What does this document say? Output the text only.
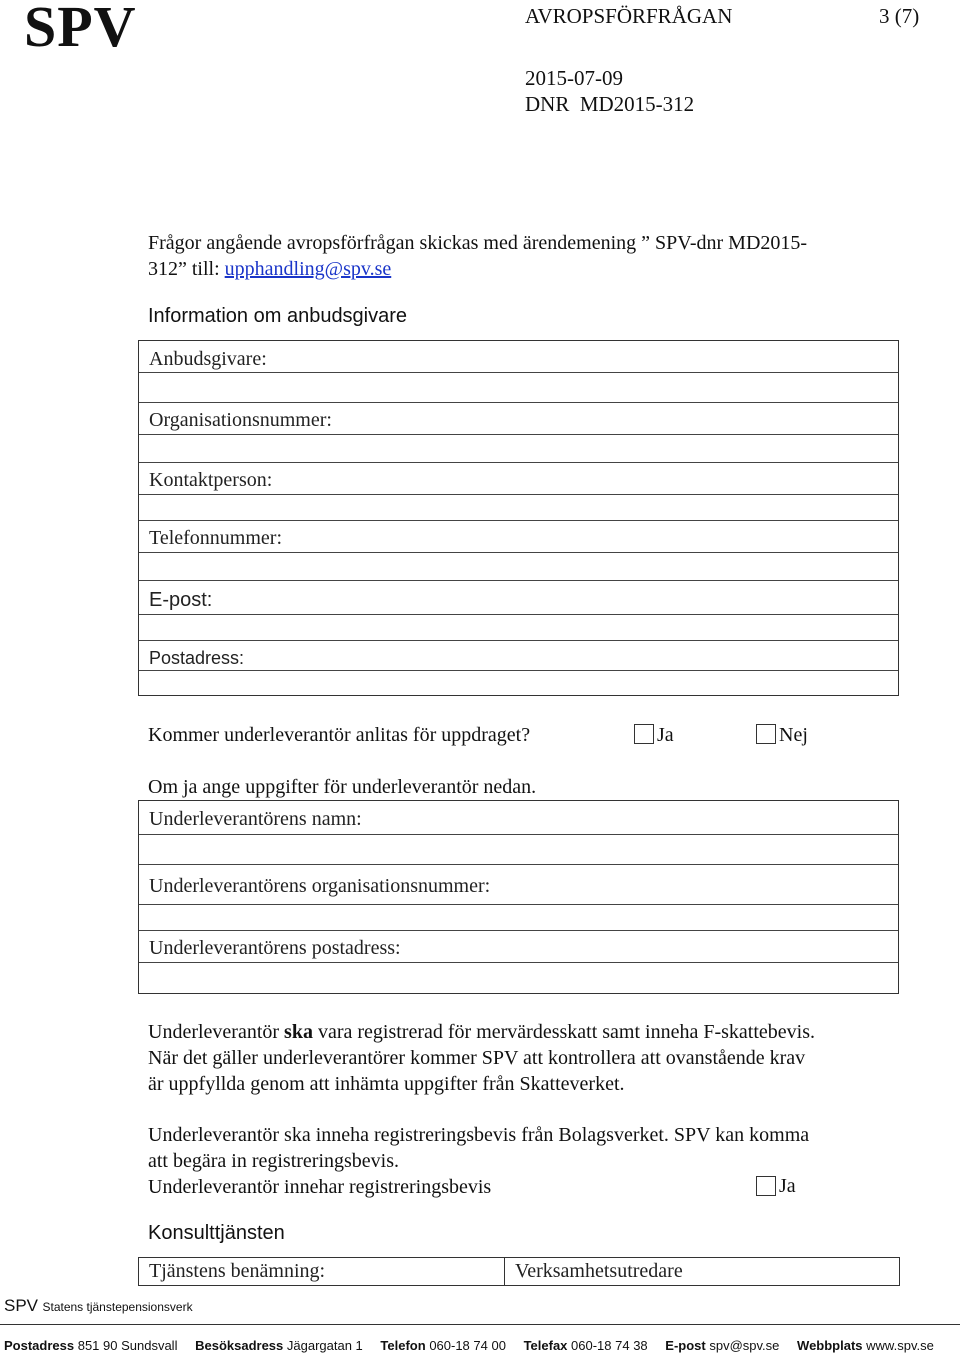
SPV	AVROPSFÖRFRÅGAN	3 (7)
2015-07-09
DNR  MD2015-312
Frågor angående avropsförfrågan skickas med ärendemening ” SPV-dnr MD2015-
312” till: upphandling@spv.se
Information om anbudsgivare
Anbudsgivare:
Organisationsnummer:
Kontaktperson:
Telefonnummer:
E-post:
Postadress:
Kommer underleverantör anlitas för uppdraget?	Ja	Nej
Om ja ange uppgifter för underleverantör nedan.
Underleverantörens namn:
Underleverantörens organisationsnummer:
Underleverantörens postadress:
Underleverantör ska vara registrerad för mervärdesskatt samt inneha F-skattebevis.
När det gäller underleverantörer kommer SPV att kontrollera att ovanstående krav
är uppfyllda genom att inhämta uppgifter från Skatteverket.
Underleverantör ska inneha registreringsbevis från Bolagsverket. SPV kan komma
att begära in registreringsbevis.
Underleverantör innehar registreringsbevis	Ja
Konsulttjänsten
Tjänstens benämning:	Verksamhetsutredare
SPV Statens tjänstepensionsverk
Postadress 851 90 Sundsvall Besöksadress Jägargatan 1 Telefon 060-18 74 00 Telefax 060-18 74 38 E-post spv@spv.se Webbplats www.spv.se
